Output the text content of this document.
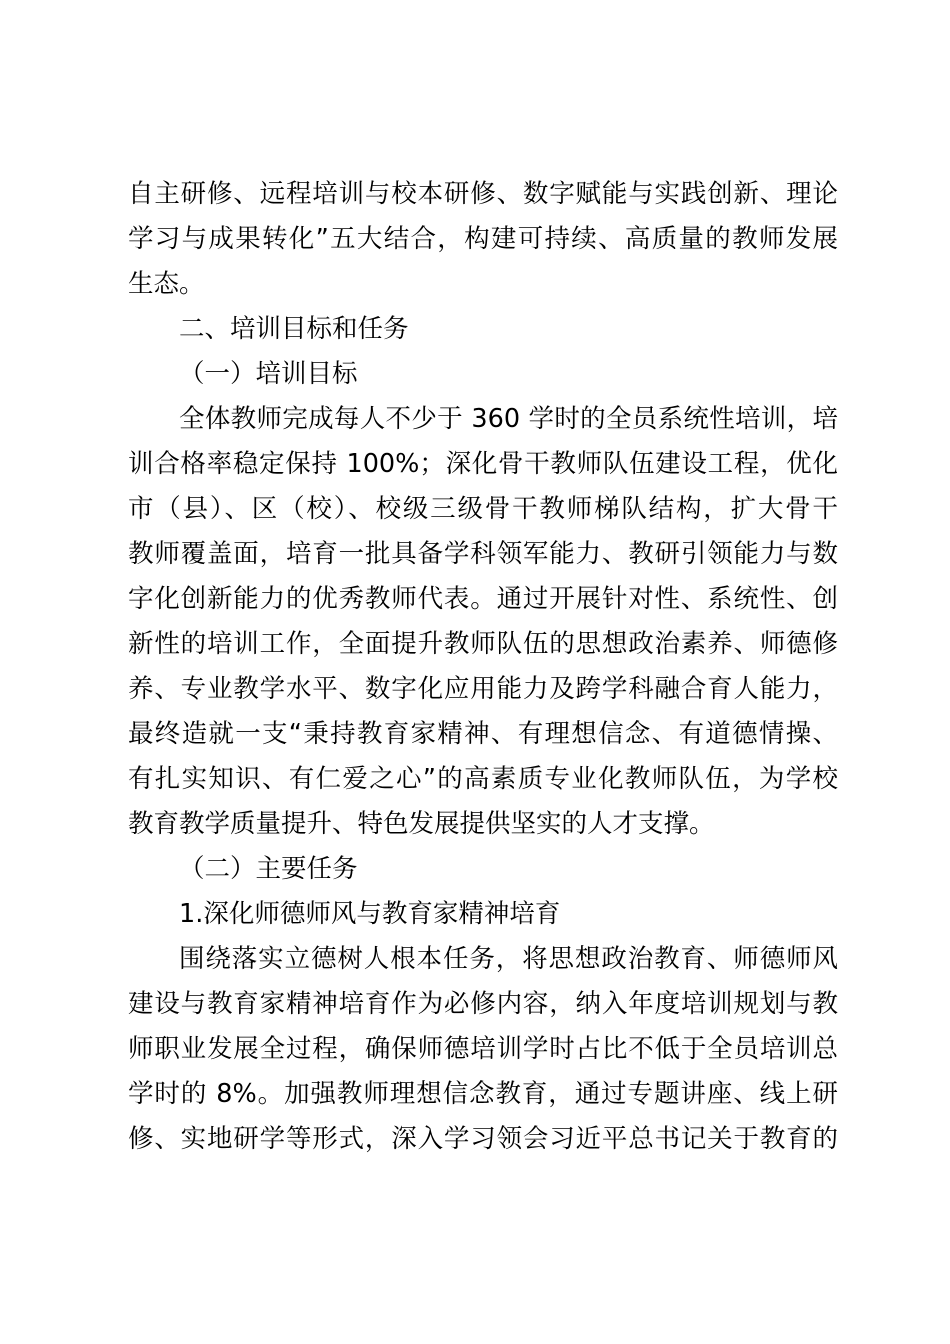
自主研修、远程培训与校本研修、数字赋能与实践创新、理论
学习与成果转化”五大结合，构建可持续、高质量的教师发展
生态。
二、培训目标和任务
（一）培训目标
全体教师完成每人不少于 360 学时的全员系统性培训，培
训合格率稳定保持 100%；深化骨干教师队伍建设工程，优化
市（县）、区（校）、校级三级骨干教师梯队结构，扩大骨干
教师覆盖面，培育一批具备学科领军能力、教研引领能力与数
字化创新能力的优秀教师代表。通过开展针对性、系统性、创
新性的培训工作，全面提升教师队伍的思想政治素养、师德修
养、专业教学水平、数字化应用能力及跨学科融合育人能力，
最终造就一支“秉持教育家精神、有理想信念、有道德情操、
有扎实知识、有仁爱之心”的高素质专业化教师队伍，为学校
教育教学质量提升、特色发展提供坚实的人才支撑。
（二）主要任务
1.深化师德师风与教育家精神培育
围绕落实立德树人根本任务，将思想政治教育、师德师风
建设与教育家精神培育作为必修内容，纳入年度培训规划与教
师职业发展全过程，确保师德培训学时占比不低于全员培训总
学时的 8%。加强教师理想信念教育，通过专题讲座、线上研
修、实地研学等形式，深入学习领会习近平总书记关于教育的
